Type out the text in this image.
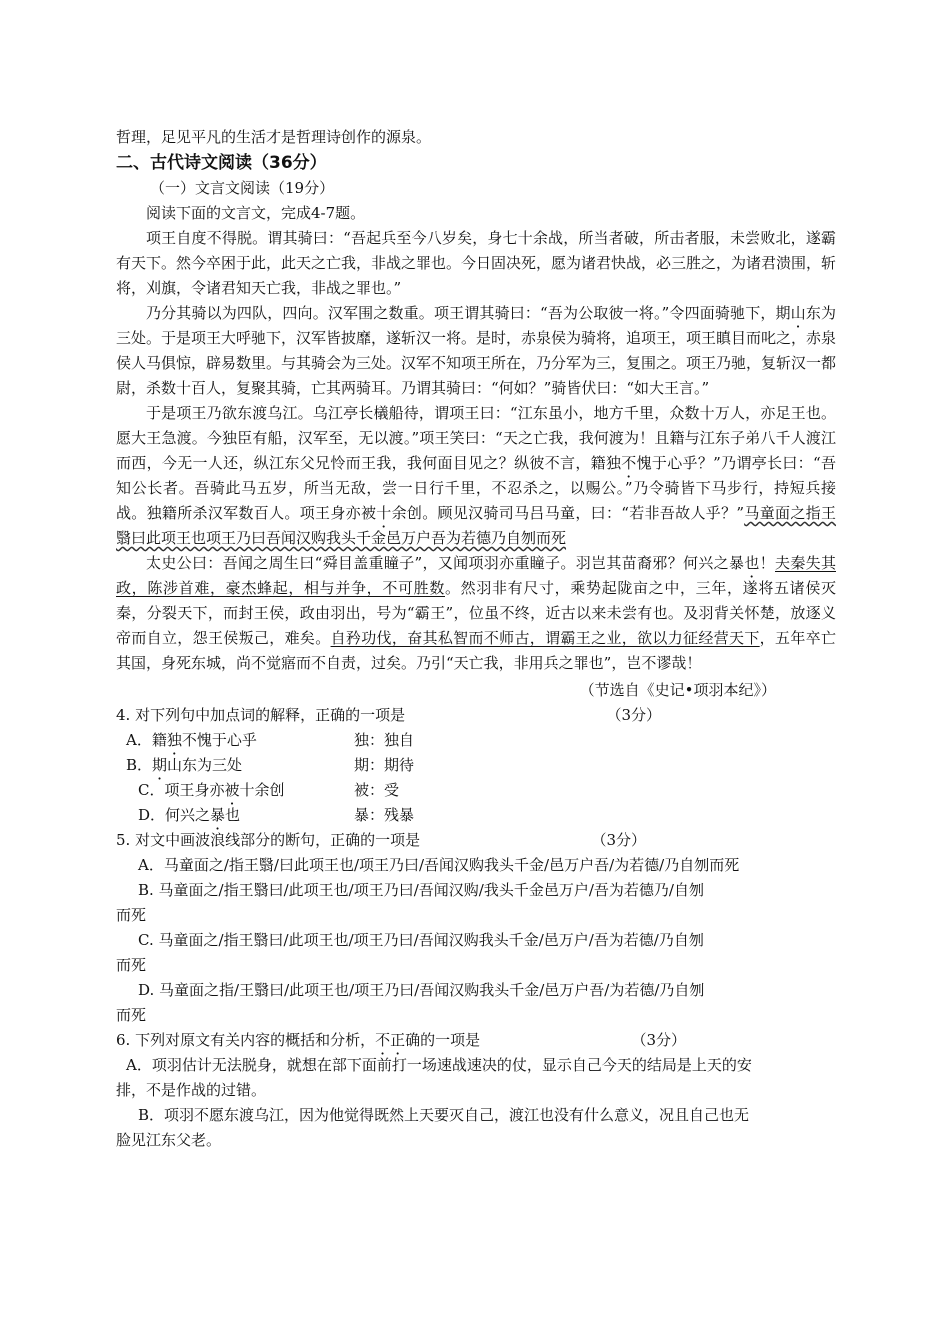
哲理，足见平凡的生活才是哲理诗创作的源泉。

二、古代诗文阅读（36分）

（一）文言文阅读（19分）

阅读下面的文言文，完成4-7题。

项王自度不得脱。谓其骑曰：“吾起兵至今八岁矣，身七十余战，所当者破，所击者服，未尝败北，遂霸有天下。然今卒困于此，此天之亡我，非战之罪也。今日固决死，愿为诸君快战，必三胜之，为诸君溃围，斩将，刈旗，令诸君知天亡我，非战之罪也。”

乃分其骑以为四队，四向。汉军围之数重。项王谓其骑曰：“吾为公取彼一将。”令四面骑驰下，期山东为三处。于是项王大呼驰下，汉军皆披靡，遂斩汉一将。是时，赤泉侯为骑将，追项王，项王瞋目而叱之，赤泉侯人马俱惊，辟易数里。与其骑会为三处。汉军不知项王所在，乃分军为三，复围之。项王乃驰，复斩汉一都尉，杀数十百人，复聚其骑，亡其两骑耳。乃谓其骑曰：“何如？”骑皆伏曰：“如大王言。”

于是项王乃欲东渡乌江。乌江亭长檥船待，谓项王曰：“江东虽小，地方千里，众数十万人，亦足王也。愿大王急渡。今独臣有船，汉军至，无以渡。”项王笑曰：“天之亡我，我何渡为！且籍与江东子弟八千人渡江而西，今无一人还，纵江东父兄怜而王我，我何面目见之？纵彼不言，籍独不愧于心乎？”乃谓亭长曰：“吾知公长者。吾骑此马五岁，所当无敌，尝一日行千里，不忍杀之，以赐公。”乃令骑皆下马步行，持短兵接战。独籍所杀汉军数百人。项王身亦被十余创。顾见汉骑司马吕马童，曰：“若非吾故人乎？”马童面之指王翳曰此项王也项王乃曰吾闻汉购我头千金邑万户吾为若德乃自刎而死

太史公曰：吾闻之周生曰“舜目盖重瞳子”，又闻项羽亦重瞳子。羽岂其苗裔邪？何兴之暴也！夫秦失其政，陈涉首难，豪杰蜂起，相与并争，不可胜数。然羽非有尺寸，乘势起陇亩之中，三年，遂将五诸侯灭秦，分裂天下，而封王侯，政由羽出，号为“霸王”，位虽不终，近古以来未尝有也。及羽背关怀楚，放逐义帝而自立，怨王侯叛己，难矣。自矜功伐，奋其私智而不师古，谓霸王之业，欲以力征经营天下，五年卒亡其国，身死东城，尚不觉寤而不自责，过矣。乃引“天亡我，非用兵之罪也”，岂不谬哉！

（节选自《史记•项羽本纪》）

4. 对下列句中加点词的解释，正确的一项是	（3分）

A．籍独不愧于心乎	独：独自

B．期山东为三处	期：期待

C．项王身亦被十余创	被：受

D．何兴之暴也	暴：残暴

5. 对文中画波浪线部分的断句，正确的一项是	（3分）

A．马童面之/指王翳/曰此项王也/项王乃曰/吾闻汉购我头千金/邑万户吾/为若德/乃自刎而死

B. 马童面之/指王翳曰/此项王也/项王乃曰/吾闻汉购/我头千金邑万户/吾为若德乃/自刎

而死

C. 马童面之/指王翳曰/此项王也/项王乃曰/吾闻汉购我头千金/邑万户/吾为若德/乃自刎

而死

D. 马童面之指/王翳曰/此项王也/项王乃曰/吾闻汉购我头千金/邑万户吾/为若德/乃自刎

而死

6. 下列对原文有关内容的概括和分析，不正确的一项是	（3分）

A．项羽估计无法脱身，就想在部下面前打一场速战速决的仗，显示自己今天的结局是上天的安

排，不是作战的过错。

B．项羽不愿东渡乌江，因为他觉得既然上天要灭自己，渡江也没有什么意义，况且自己也无

脸见江东父老。
